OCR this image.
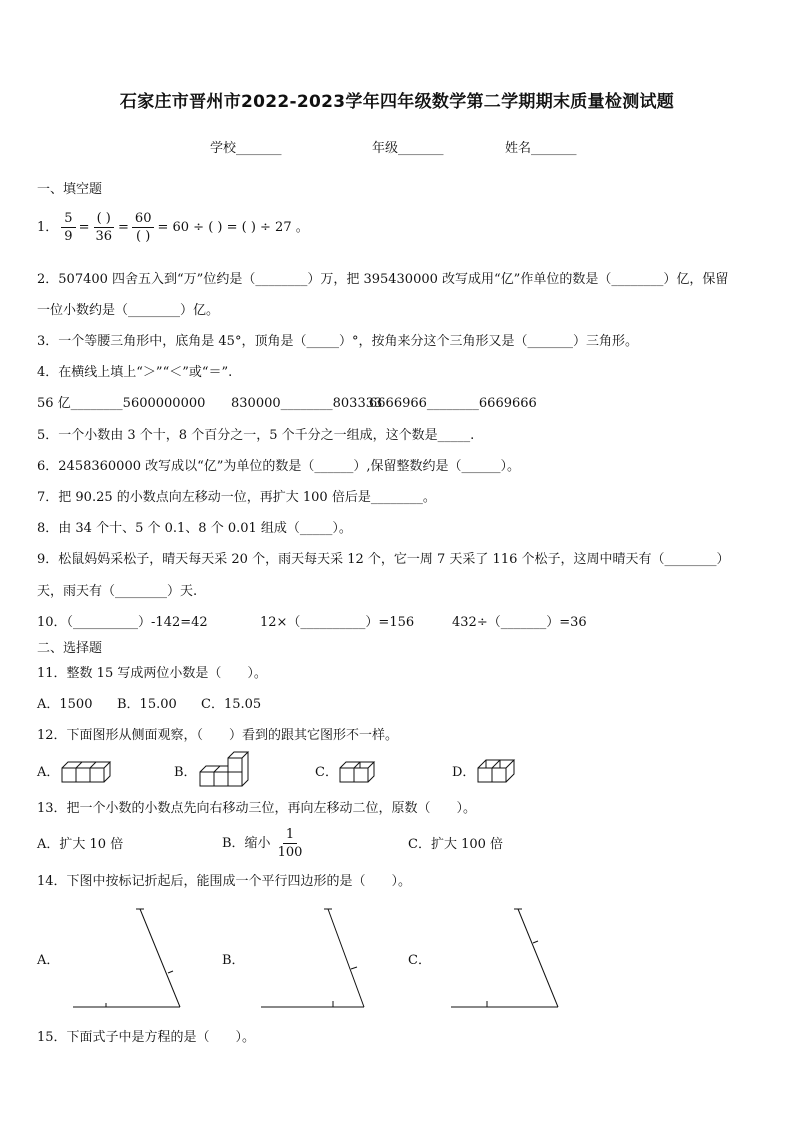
石家庄市晋州市2022-2023学年四年级数学第二学期期末质量检测试题
学校_______	年级_______	姓名_______
一、填空题
1． $\frac{5}{9} = \frac{( )}{36} = \frac{60}{( )} = 60$ ÷ ( ) = ( ) ÷ 27 。
2．507400 四舍五入到“万”位约是（________）万，把 395430000 改写成用“亿”作单位的数是（________）亿，保留
一位小数约是（________）亿。
3．一个等腰三角形中，底角是 45°，顶角是（_____）°，按角来分这个三角形又是（_______）三角形。
4．在横线上填上“＞”“＜”或“＝”.
56 亿________5600000000 830000________803333
6666966________6669666
5．一个小数由 3 个十，8 个百分之一，5 个千分之一组成，这个数是_____.
6．2458360000 改写成以“亿”为单位的数是（______）,保留整数约是（______）。
7．把 90.25 的小数点向左移动一位，再扩大 100 倍后是________。
8．由 34 个十、5 个 0.1、8 个 0.01 组成（_____）。
9．松鼠妈妈采松子，晴天每天采 20 个，雨天每天采 12 个，它一周 7 天采了 116 个松子，这周中晴天有（________）
天，雨天有（________）天.
10．（__________）-142=42	12×（__________）=156	432÷（_______）=36
二、选择题
11．整数 15 写成两位小数是（　　）。
A．1500 B．15.00 C．15.05
12．下面图形从侧面观察，（　　）看到的跟其它图形不一样。
A．	B．	C．	D．
13．把一个小数的小数点先向右移动三位，再向左移动二位，原数（　　）。
A．扩大 10 倍	B．缩小 $\frac{1}{100}$	C．扩大 100 倍
14．下图中按标记折起后，能围成一个平行四边形的是（　　）。
A．	B．	C．
15．下面式子中是方程的是（　　）。
